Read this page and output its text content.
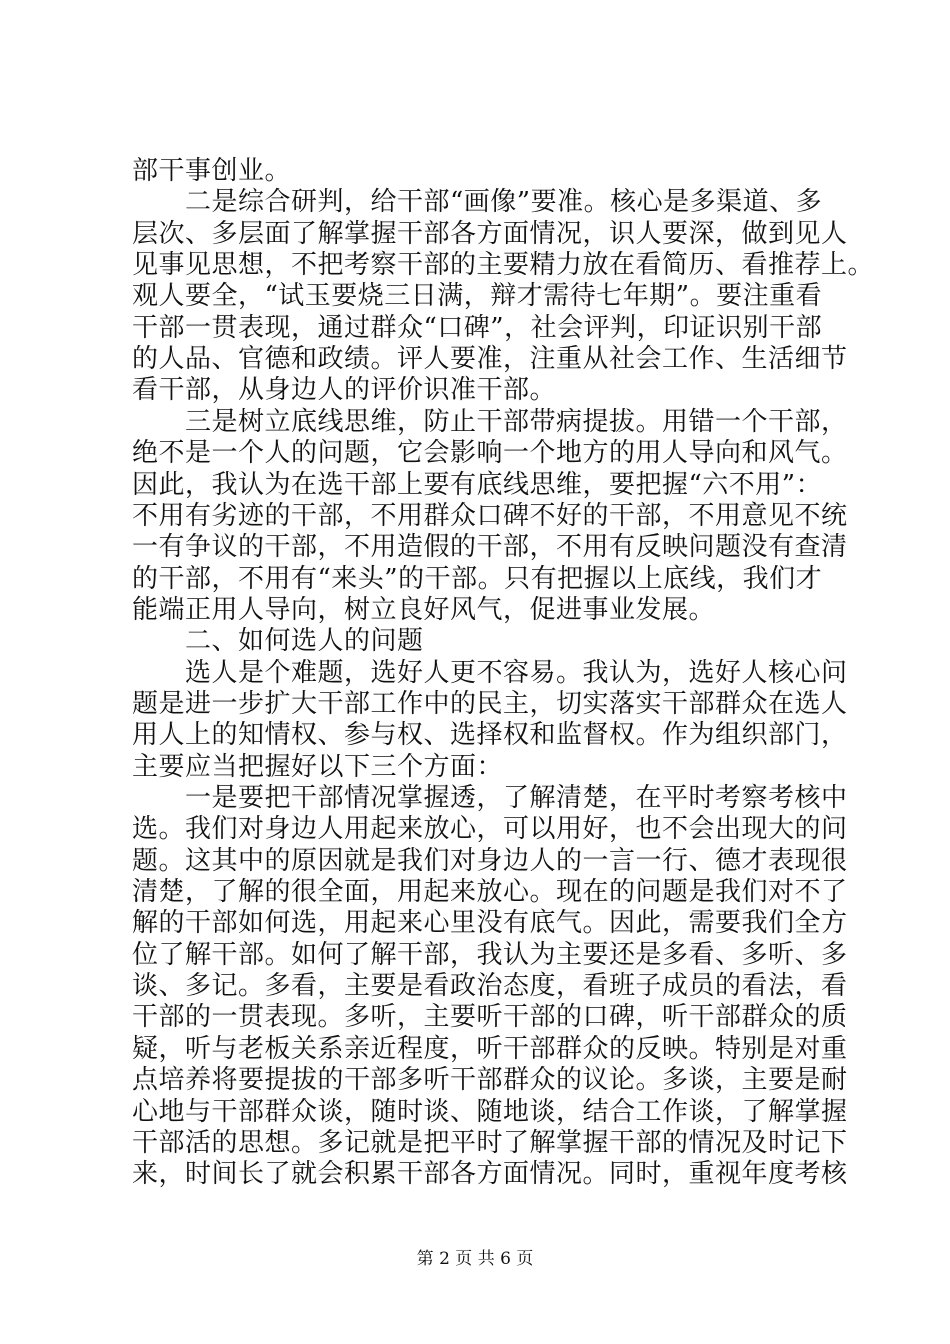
部干事创业。
　　二是综合研判，给干部“画像”要准。核心是多渠道、多
层次、多层面了解掌握干部各方面情况，识人要深，做到见人
见事见思想，不把考察干部的主要精力放在看简历、看推荐上。
观人要全，“试玉要烧三日满，辩才需待七年期”。要注重看
干部一贯表现，通过群众“口碑”，社会评判，印证识别干部
的人品、官德和政绩。评人要准，注重从社会工作、生活细节
看干部，从身边人的评价识准干部。
　　三是树立底线思维，防止干部带病提拔。用错一个干部，
绝不是一个人的问题，它会影响一个地方的用人导向和风气。
因此，我认为在选干部上要有底线思维，要把握“六不用”：
不用有劣迹的干部，不用群众口碑不好的干部，不用意见不统
一有争议的干部，不用造假的干部，不用有反映问题没有查清
的干部，不用有“来头”的干部。只有把握以上底线，我们才
能端正用人导向，树立良好风气，促进事业发展。
　　二、如何选人的问题
　　选人是个难题，选好人更不容易。我认为，选好人核心问
题是进一步扩大干部工作中的民主，切实落实干部群众在选人
用人上的知情权、参与权、选择权和监督权。作为组织部门，
主要应当把握好以下三个方面：
　　一是要把干部情况掌握透，了解清楚，在平时考察考核中
选。我们对身边人用起来放心，可以用好，也不会出现大的问
题。这其中的原因就是我们对身边人的一言一行、德才表现很
清楚，了解的很全面，用起来放心。现在的问题是我们对不了
解的干部如何选，用起来心里没有底气。因此，需要我们全方
位了解干部。如何了解干部，我认为主要还是多看、多听、多
谈、多记。多看，主要是看政治态度，看班子成员的看法，看
干部的一贯表现。多听，主要听干部的口碑，听干部群众的质
疑，听与老板关系亲近程度，听干部群众的反映。特别是对重
点培养将要提拔的干部多听干部群众的议论。多谈，主要是耐
心地与干部群众谈，随时谈、随地谈，结合工作谈，了解掌握
干部活的思想。多记就是把平时了解掌握干部的情况及时记下
来，时间长了就会积累干部各方面情况。同时，重视年度考核
第 2 页 共 6 页
